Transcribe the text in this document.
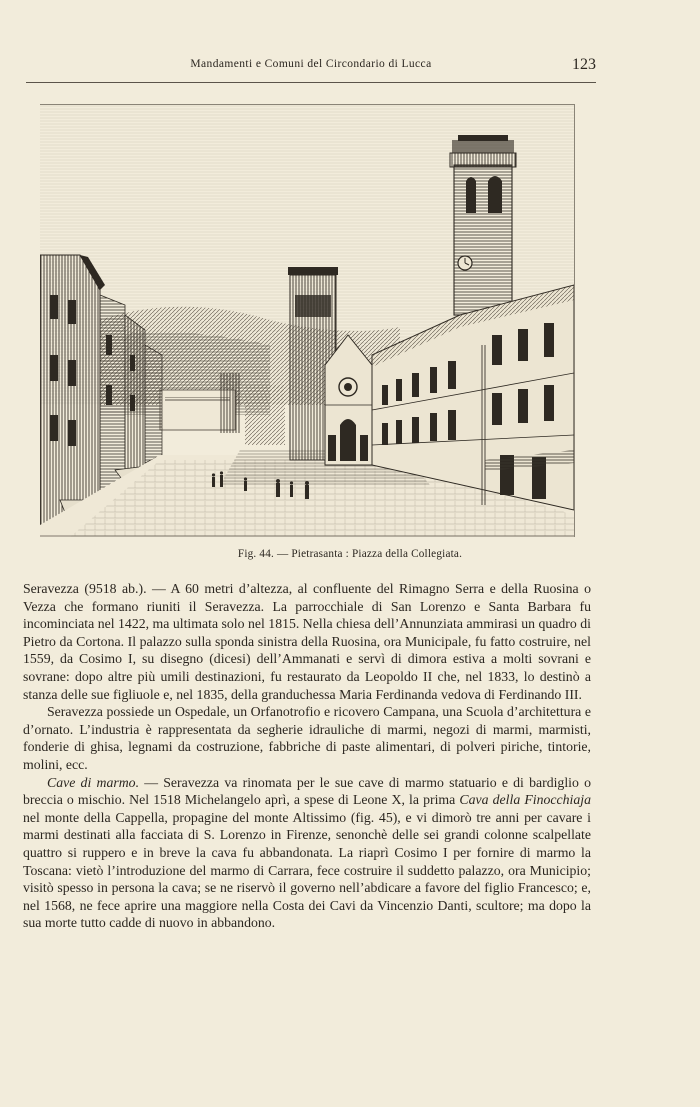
Mandamenti e Comuni del Circondario di Lucca	123
Fig. 44. — Pietrasanta : Piazza della Collegiata.

Seravezza (9518 ab.). — A 60 metri d’altezza, al confluente del Rimagno Serra e della Ruosina o Vezza che formano riuniti il Seravezza. La parrocchiale di San Lorenzo e Santa Barbara fu incominciata nel 1422, ma ultimata solo nel 1815. Nella chiesa dell’Annunziata ammirasi un quadro di Pietro da Cortona. Il palazzo sulla sponda sinistra della Ruosina, ora Municipale, fu fatto costruire, nel 1559, da Cosimo I, su disegno (dicesi) dell’Ammanati e servì di dimora estiva a molti sovrani e sovrane: dopo altre più umili destinazioni, fu restaurato da Leopoldo II che, nel 1833, lo destinò a stanza delle sue figliuole e, nel 1835, della granduchessa Maria Ferdinanda vedova di Ferdinando III.

Seravezza possiede un Ospedale, un Orfanotrofio e ricovero Campana, una Scuola d’architettura e d’ornato. L’industria è rappresentata da segherie idrauliche di marmi, negozi di marmi, marmisti, fonderie di ghisa, legnami da costruzione, fabbriche di paste alimentari, di polveri piriche, tintorie, molini, ecc.

Cave di marmo. — Seravezza va rinomata per le sue cave di marmo statuario e di bardiglio o breccia o mischio. Nel 1518 Michelangelo aprì, a spese di Leone X, la prima Cava della Finocchiaja nel monte della Cappella, propagine del monte Altissimo (fig. 45), e vi dimorò tre anni per cavare i marmi destinati alla facciata di S. Lorenzo in Firenze, senonchè delle sei grandi colonne scalpellate quattro si ruppero e in breve la cava fu abbandonata. La riaprì Cosimo I per fornire di marmo la Toscana: vietò l’introduzione del marmo di Carrara, fece costruire il suddetto palazzo, ora Municipio; visitò spesso in persona la cava; se ne riservò il governo nell’abdicare a favore del figlio Francesco; e, nel 1568, ne fece aprire una maggiore nella Costa dei Cavi da Vincenzio Danti, scultore; ma dopo la sua morte tutto cadde di nuovo in abbandono.
